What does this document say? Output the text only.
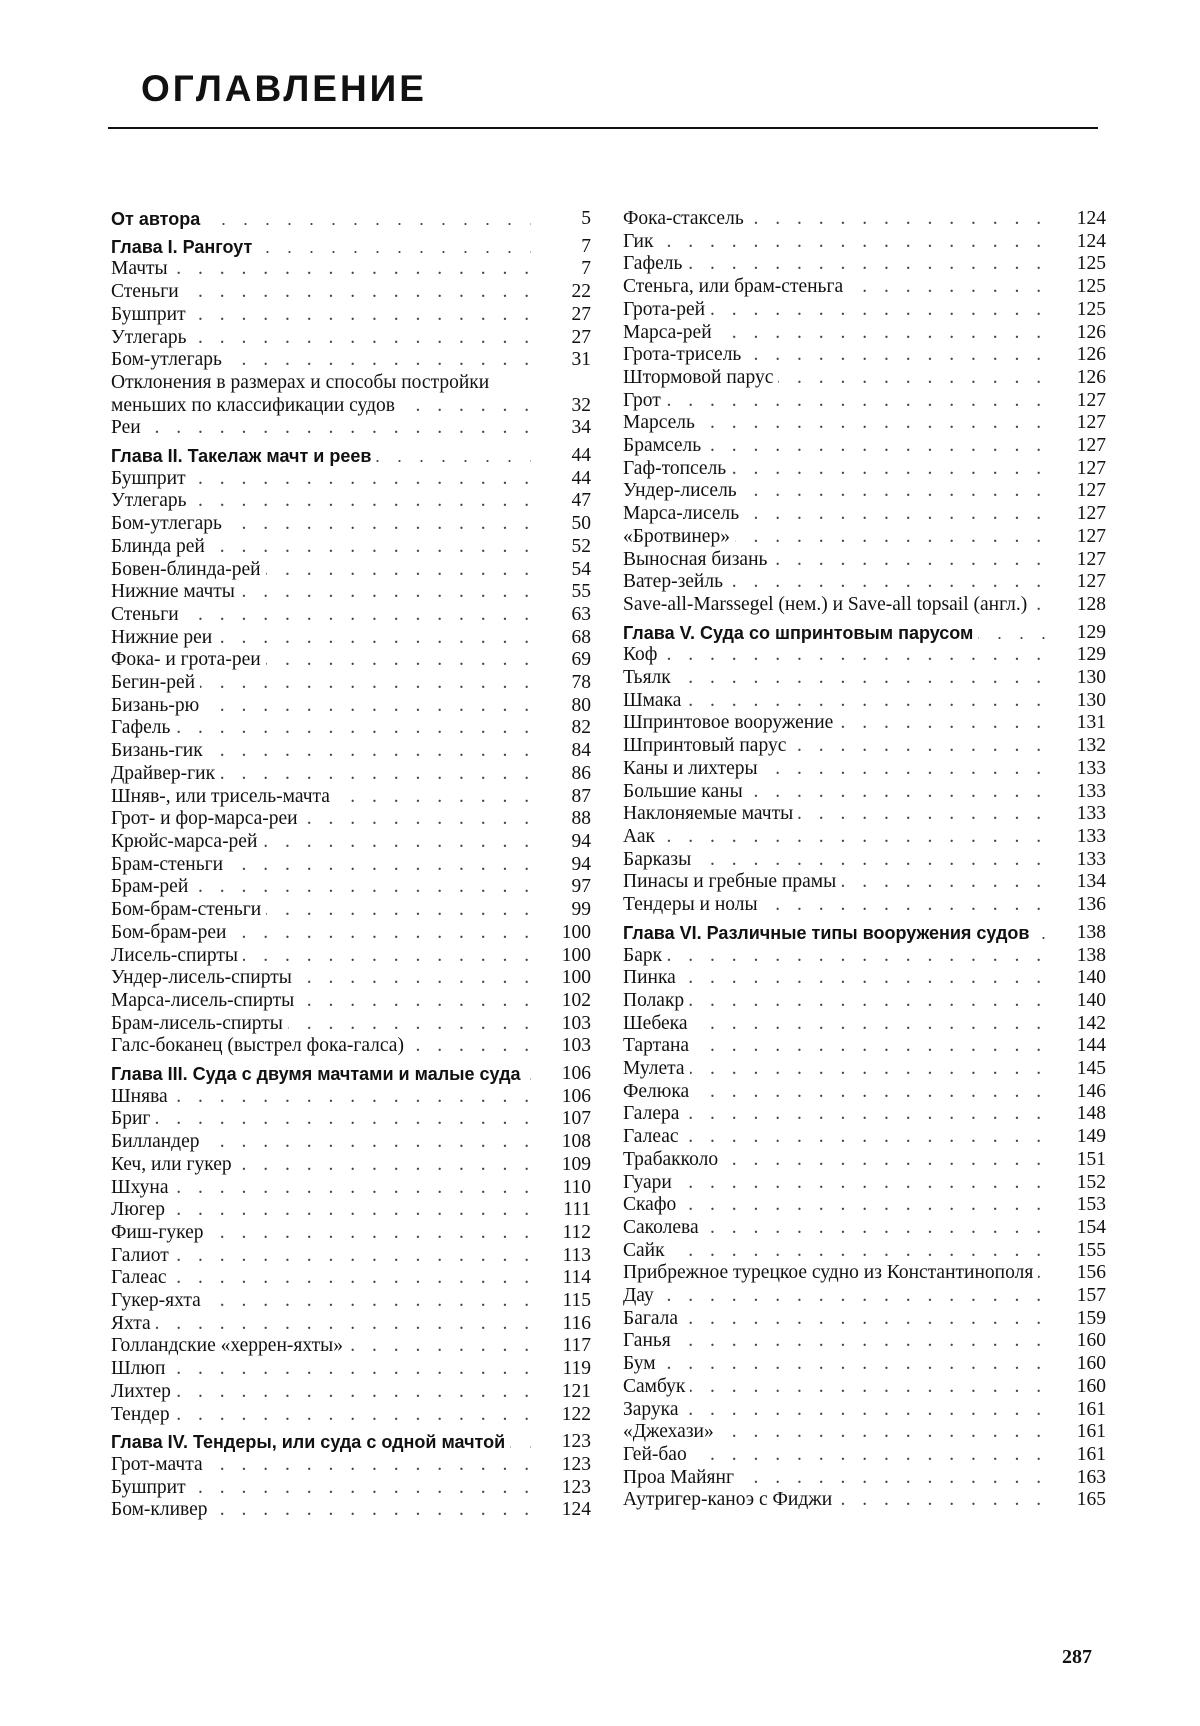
ОГЛАВЛЕНИЕ
От автора . . .	5
Глава I. Рангоут . . .	7
Мачты . . .	7
Стеньги . . .	22
Бушприт . . .	27
Утлегарь . . .	27
Бом-утлегарь . . .	31
Отклонения в размерах и способы постройки меньших по классификации судов . . .	32
Реи . . .	34
Глава II. Такелаж мачт и реев . . .	44
Бушприт . . .	44
Утлегарь . . .	47
Бом-утлегарь . . .	50
Блинда рей . . .	52
Бовен-блинда-рей . . .	54
Нижние мачты . . .	55
Стеньги . . .	63
Нижние реи . . .	68
Фока- и грота-реи . . .	69
Бегин-рей . . .	78
Бизань-рю . . .	80
Гафель . . .	82
Бизань-гик . . .	84
Драйвер-гик . . .	86
Шняв-, или трисель-мачта . . .	87
Грот- и фор-марса-реи . . .	88
Крюйс-марса-рей . . .	94
Брам-стеньги . . .	94
Брам-рей . . .	97
Бом-брам-стеньги . . .	99
Бом-брам-реи . . .	100
Лисель-спирты . . .	100
Ундер-лисель-спирты . . .	100
Марса-лисель-спирты . . .	102
Брам-лисель-спирты . . .	103
Галс-боканец (выстрел фока-галса) . . .	103
Глава III. Суда с двумя мачтами и малые суда . . .	106
Шнява . . .	106
Бриг . . .	107
Билландер . . .	108
Кеч, или гукер . . .	109
Шхуна . . .	110
Люгер . . .	111
Фиш-гукер . . .	112
Галиот . . .	113
Галеас . . .	114
Гукер-яхта . . .	115
Яхта . . .	116
Голландские «херрен-яхты» . . .	117
Шлюп . . .	119
Лихтер . . .	121
Тендер . . .	122
Глава IV. Тендеры, или суда с одной мачтой . . .	123
Грот-мачта . . .	123
Бушприт . . .	123
Бом-кливер . . .	124
Фока-стаксель . . .	124
Гик . . .	124
Гафель . . .	125
Стеньга, или брам-стеньга . . .	125
Грота-рей . . .	125
Марса-рей . . .	126
Грота-трисель . . .	126
Штормовой парус . . .	126
Грот . . .	127
Марсель . . .	127
Брамсель . . .	127
Гаф-топсель . . .	127
Ундер-лисель . . .	127
Марса-лисель . . .	127
«Бротвинер» . . .	127
Выносная бизань . . .	127
Ватер-зейль . . .	127
Save-all-Marssegel (нем.) и Save-all topsail (англ.) . . .	128
Глава V. Суда со шпринтовым парусом . . .	129
Коф . . .	129
Тьялк . . .	130
Шмака . . .	130
Шпринтовое вооружение . . .	131
Шпринтовый парус . . .	132
Каны и лихтеры . . .	133
Большие каны . . .	133
Наклоняемые мачты . . .	133
Аак . . .	133
Барказы . . .	133
Пинасы и гребные прамы . . .	134
Тендеры и нолы . . .	136
Глава VI. Различные типы вооружения судов . . .	138
Барк . . .	138
Пинка . . .	140
Полакр . . .	140
Шебека . . .	142
Тартана . . .	144
Мулета . . .	145
Фелюка . . .	146
Галера . . .	148
Галеас . . .	149
Трабакколо . . .	151
Гуари . . .	152
Скафо . . .	153
Саколева . . .	154
Сайк . . .	155
Прибрежное турецкое судно из Константинополя . . .	156
Дау . . .	157
Багала . . .	159
Ганья . . .	160
Бум . . .	160
Самбук . . .	160
Зарука . . .	161
«Джехази» . . .	161
Гей-бао . . .	161
Проа Майянг . . .	163
Аутригер-каноэ с Фиджи . . .	165
287
